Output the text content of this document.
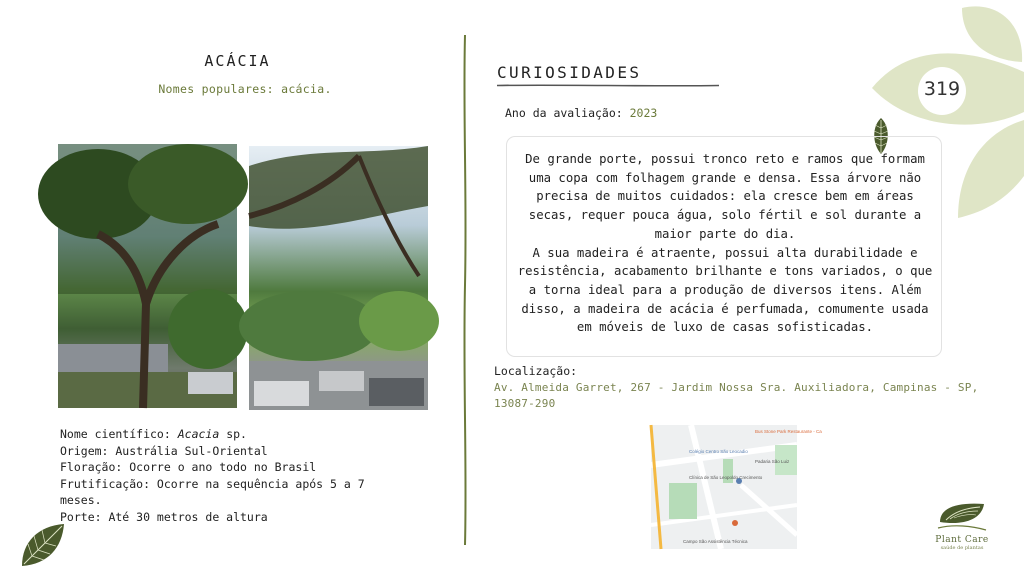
319
ACÁCIA
Nomes populares: acácia.

Nome científico: Acacia sp.

Origem: Austrália Sul-Oriental

Floração: Ocorre o ano todo no Brasil

Frutificação: Ocorre na sequência após 5 a 7 meses.

Porte: Até 30 metros de altura

CURIOSIDADES
Ano da avaliação: 2023

De grande porte, possui tronco reto e ramos que formam uma copa com folhagem grande e densa. Essa árvore não precisa de muitos cuidados: ela cresce bem em áreas secas, requer pouca água, solo fértil e sol durante a maior parte do dia.

A sua madeira é atraente, possui alta durabilidade e resistência, acabamento brilhante e tons variados, o que a torna ideal para a produção de diversos itens. Além disso, a madeira de acácia é perfumada, comumente usada em móveis de luxo de casas sofisticadas.

Localização:
Av. Almeida Garret, 267 - Jardim Nossa Sra. Auxiliadora, Campinas - SP, 13087-290
Bus Stone Park Restaurante - Ca
Colégio Centro São Leocadio
Padaria São Luiz
Clínica de São Leopoldo Crecimento
Campo São Assistência Técnica	Plant Care
saúde de plantas
